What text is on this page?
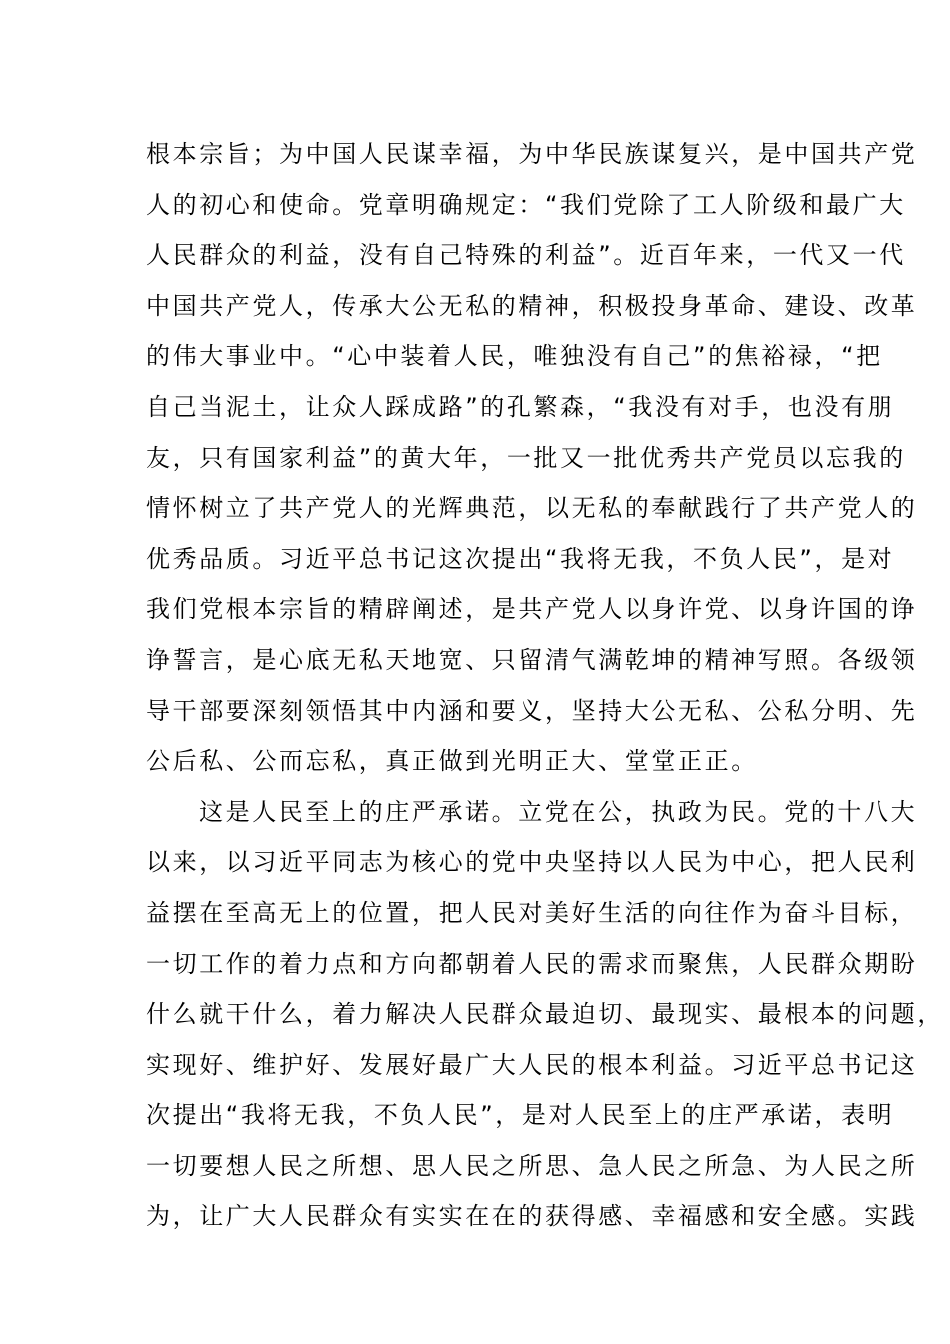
根本宗旨；为中国人民谋幸福，为中华民族谋复兴，是中国共产党
人的初心和使命。党章明确规定：“我们党除了工人阶级和最广大
人民群众的利益，没有自己特殊的利益”。近百年来，一代又一代
中国共产党人，传承大公无私的精神，积极投身革命、建设、改革
的伟大事业中。“心中装着人民，唯独没有自己”的焦裕禄，“把
自己当泥土，让众人踩成路”的孔繁森，“我没有对手，也没有朋
友，只有国家利益”的黄大年，一批又一批优秀共产党员以忘我的
情怀树立了共产党人的光辉典范，以无私的奉献践行了共产党人的
优秀品质。习近平总书记这次提出“我将无我，不负人民”，是对
我们党根本宗旨的精辟阐述，是共产党人以身许党、以身许国的诤
诤誓言，是心底无私天地宽、只留清气满乾坤的精神写照。各级领
导干部要深刻领悟其中内涵和要义，坚持大公无私、公私分明、先
公后私、公而忘私，真正做到光明正大、堂堂正正。
这是人民至上的庄严承诺。立党在公，执政为民。党的十八大
以来，以习近平同志为核心的党中央坚持以人民为中心，把人民利
益摆在至高无上的位置，把人民对美好生活的向往作为奋斗目标，
一切工作的着力点和方向都朝着人民的需求而聚焦，人民群众期盼
什么就干什么，着力解决人民群众最迫切、最现实、最根本的问题，
实现好、维护好、发展好最广大人民的根本利益。习近平总书记这
次提出“我将无我，不负人民”，是对人民至上的庄严承诺，表明
一切要想人民之所想、思人民之所思、急人民之所急、为人民之所
为，让广大人民群众有实实在在的获得感、幸福感和安全感。实践
